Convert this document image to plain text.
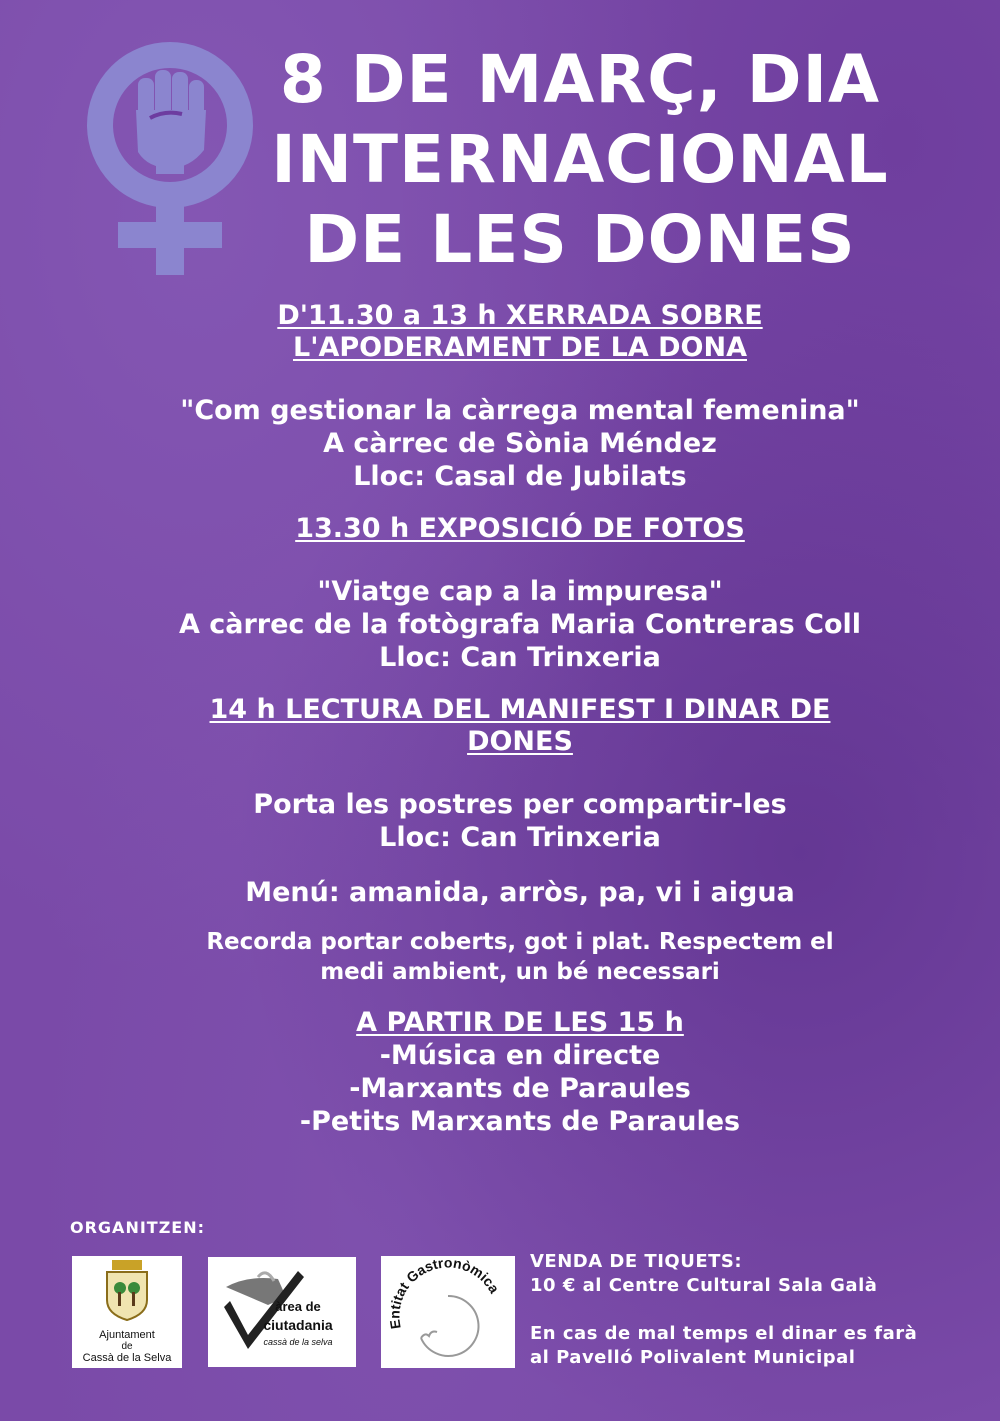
8 DE MARÇ, DIA
INTERNACIONAL
DE LES DONES
D'11.30 a 13 h XERRADA SOBRE
L'APODERAMENT DE LA DONA
"Com gestionar la càrrega mental femenina"
A càrrec de Sònia Méndez
Lloc: Casal de Jubilats
13.30 h EXPOSICIÓ DE FOTOS
"Viatge cap a la impuresa"
A càrrec de la fotògrafa Maria Contreras Coll
Lloc: Can Trinxeria
14 h LECTURA DEL MANIFEST I DINAR DE
DONES
Porta les postres per compartir-les
Lloc: Can Trinxeria
Menú: amanida, arròs, pa, vi i aigua
Recorda portar coberts, got i plat. Respectem el
medi ambient, un bé necessari
A PARTIR DE LES 15 h
-Música en directe
-Marxants de Paraules
-Petits Marxants de Paraules
ORGANITZEN:
Ajuntament
de
Cassà de la Selva
àrea de
ciutadania
cassà de la selva
Entitat Gastronòmica
VENDA DE TIQUETS:
10 € al Centre Cultural Sala Galà
En cas de mal temps el dinar es farà
al Pavelló Polivalent Municipal
